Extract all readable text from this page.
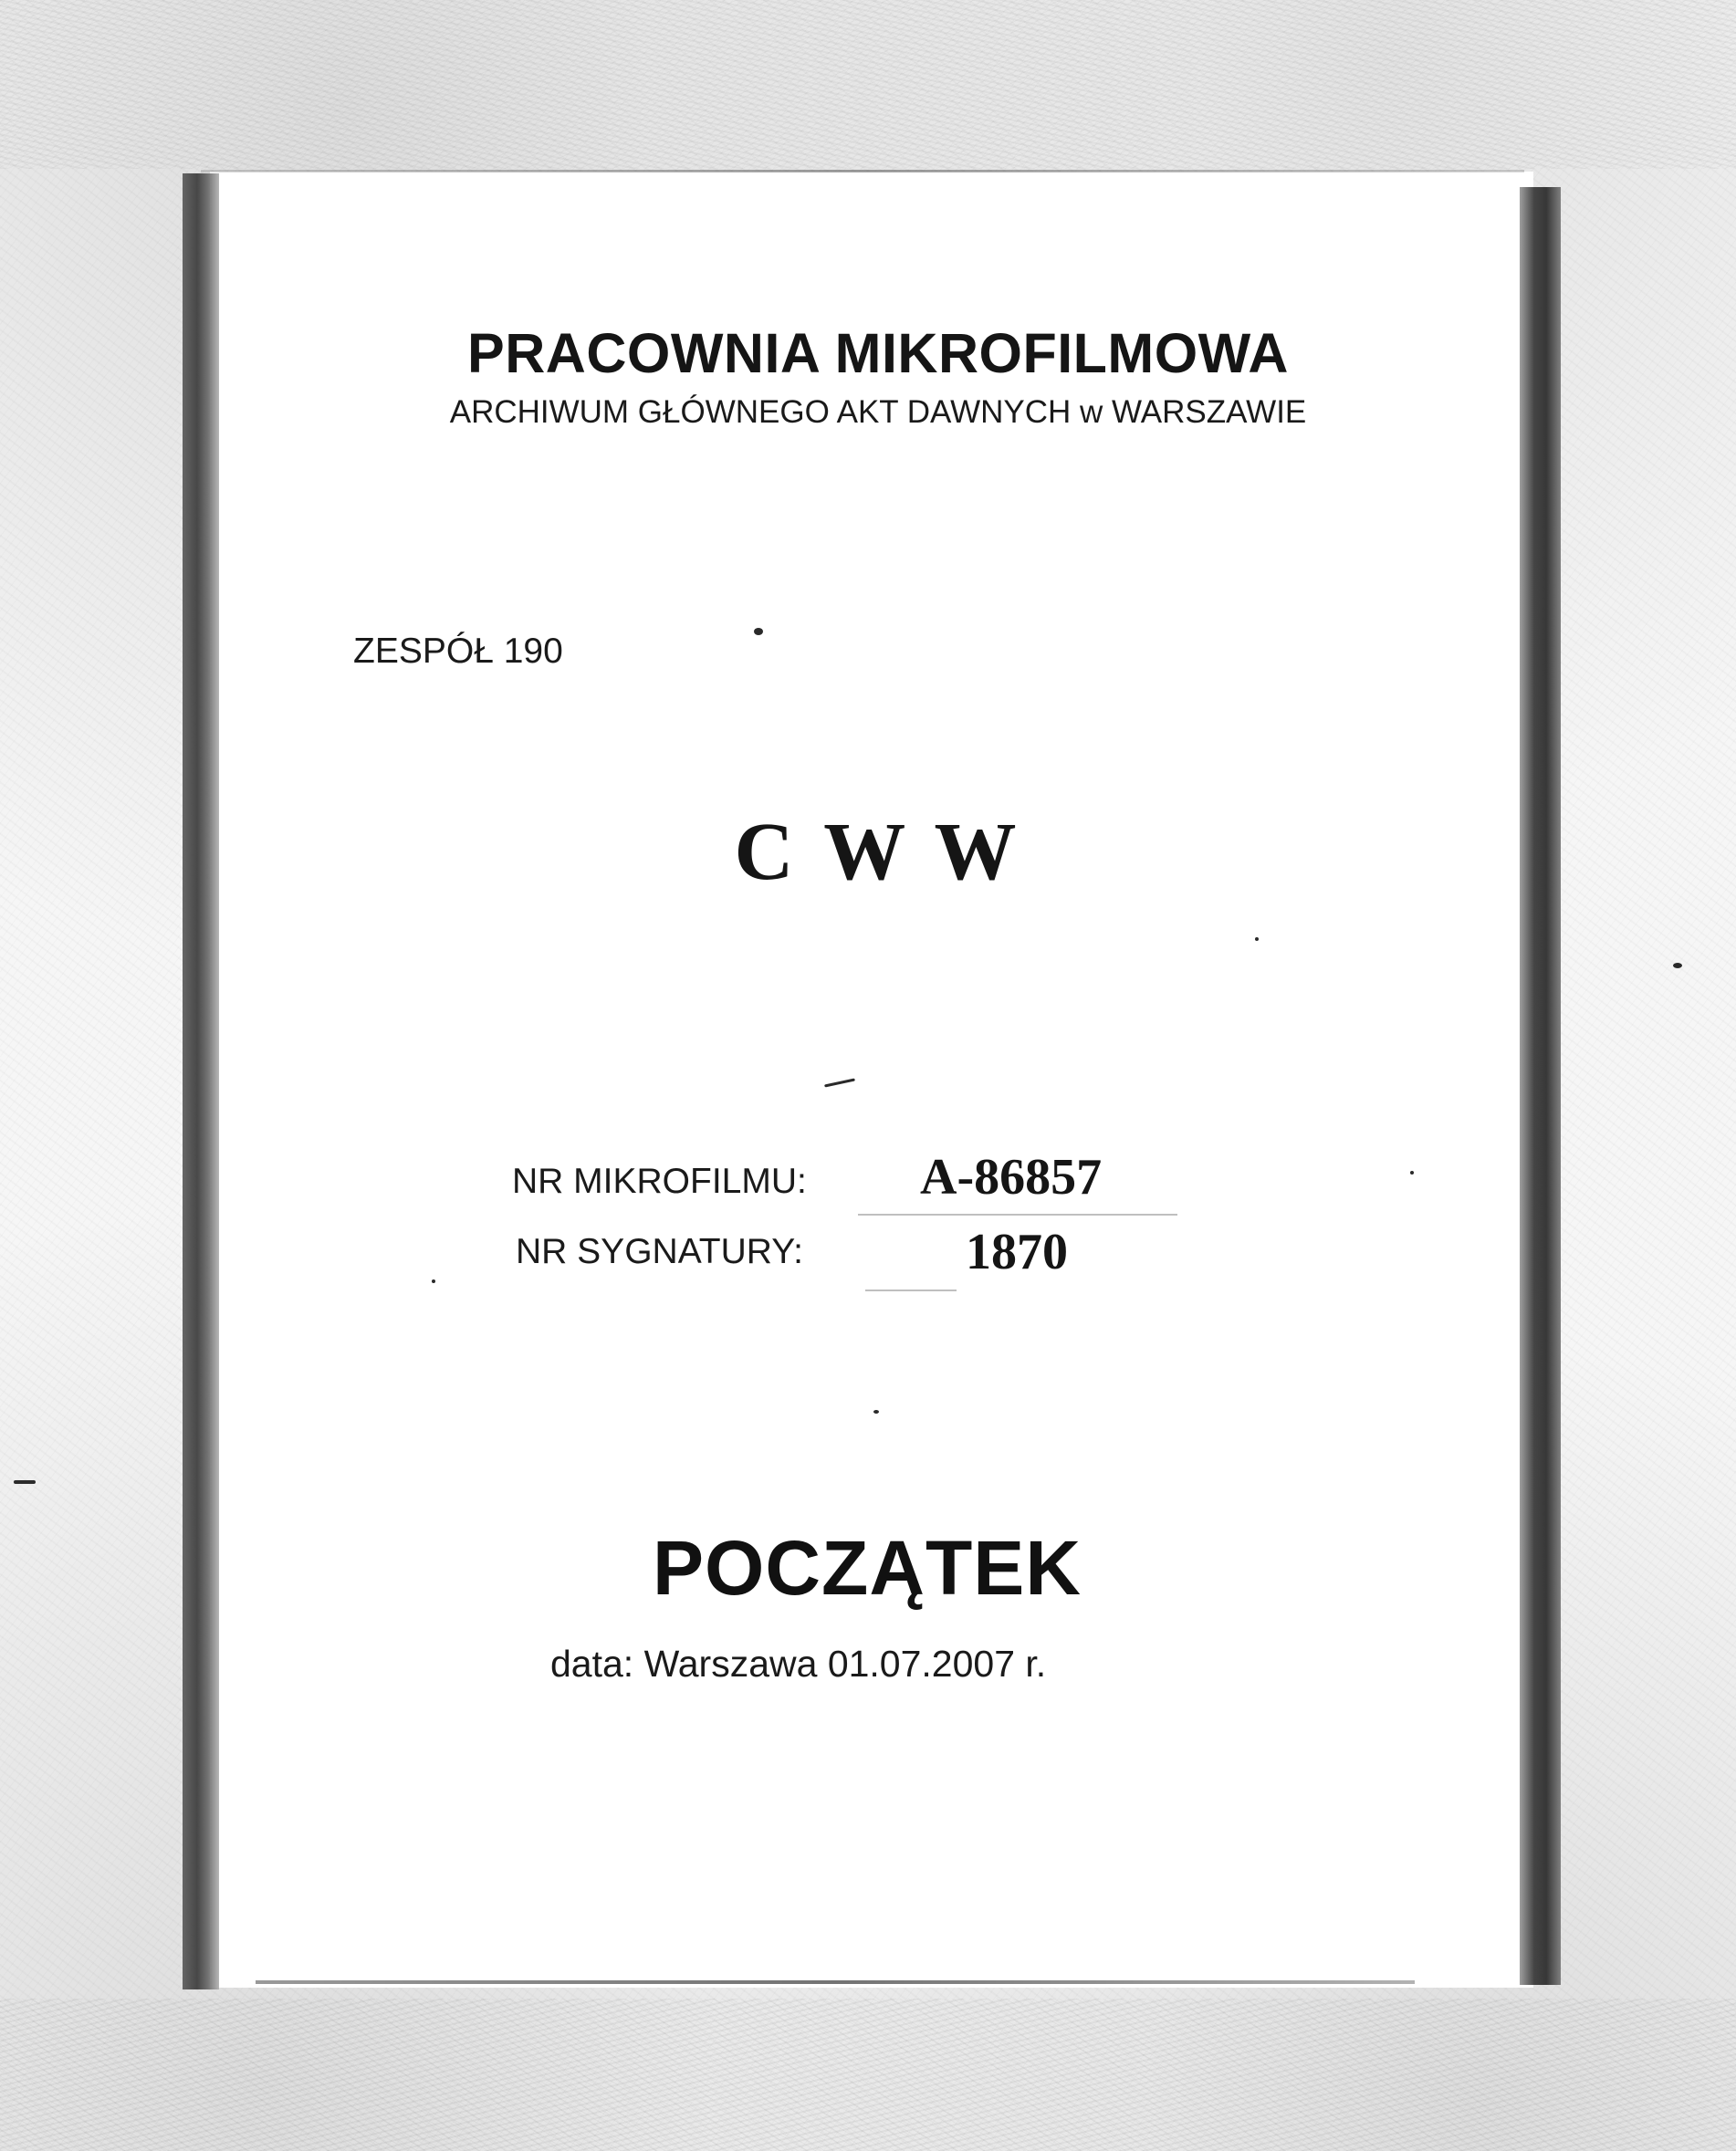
PRACOWNIA MIKROFILMOWA
ARCHIWUM GŁÓWNEGO AKT DAWNYCH w WARSZAWIE
ZESPÓŁ 190
C W W
NR MIKROFILMU: A-86857
NR SYGNATURY:	1870
POCZĄTEK
data: Warszawa 01.07.2007 r.
